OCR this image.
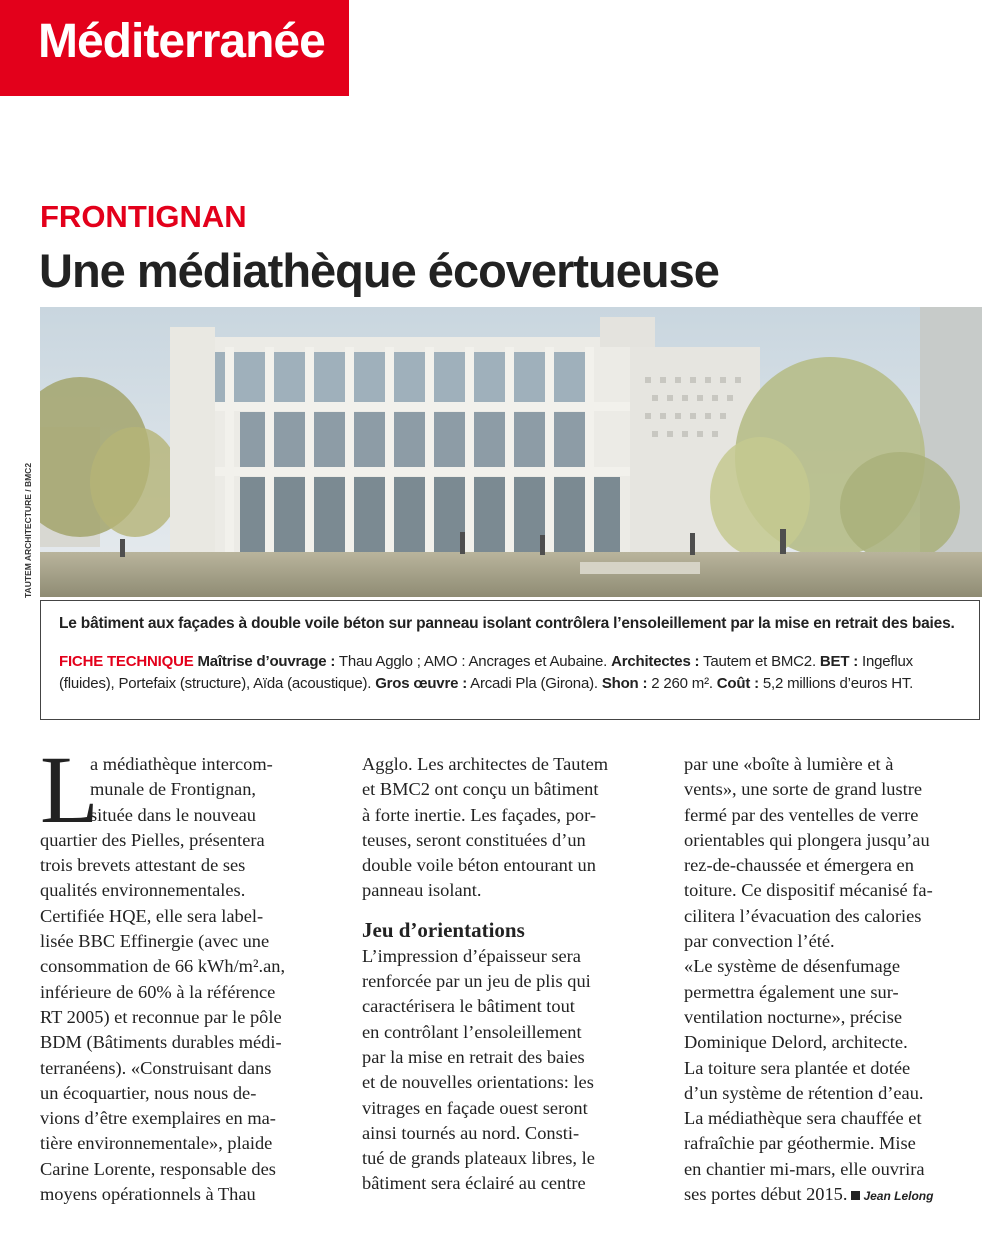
Méditerranée
FRONTIGNAN
Une médiathèque écovertueuse
TAUTEM ARCHITECTURE / BMC2
Le bâtiment aux façades à double voile béton sur panneau isolant contrôlera l’ensoleillement par la mise en retrait des baies.
FICHE TECHNIQUE Maîtrise d’ouvrage : Thau Agglo ; AMO : Ancrages et Aubaine. Architectes : Tautem et BMC2. BET : Ingeflux (fluides), Portefaix (structure), Aïda (acoustique). Gros œuvre : Arcadi Pla (Girona). Shon : 2 260 m². Coût : 5,2 millions d’euros HT.
L
a médiathèque intercom-
munale de Frontignan,
située dans le nouveau
quartier des Pielles, présentera
trois brevets attestant de ses
qualités environnementales.
Certifiée HQE, elle sera label-
lisée BBC Effinergie (avec une
consommation de 66 kWh/m².an,
inférieure de 60% à la référence
RT 2005) et reconnue par le pôle
BDM (Bâtiments durables médi-
terranéens). «Construisant dans
un écoquartier, nous nous de-
vions d’être exemplaires en ma-
tière environnementale», plaide
Carine Lorente, responsable des
moyens opérationnels à Thau
Agglo. Les architectes de Tautem
et BMC2 ont conçu un bâtiment
à forte inertie. Les façades, por-
teuses, seront constituées d’un
double voile béton entourant un
panneau isolant.
Jeu d’orientations
L’impression d’épaisseur sera
renforcée par un jeu de plis qui
caractérisera le bâtiment tout
en contrôlant l’ensoleillement
par la mise en retrait des baies
et de nouvelles orientations: les
vitrages en façade ouest seront
ainsi tournés au nord. Consti-
tué de grands plateaux libres, le
bâtiment sera éclairé au centre
par une «boîte à lumière et à
vents», une sorte de grand lustre
fermé par des ventelles de verre
orientables qui plongera jusqu’au
rez-de-chaussée et émergera en
toiture. Ce dispositif mécanisé fa-
cilitera l’évacuation des calories
par convection l’été.
«Le système de désenfumage
permettra également une sur-
ventilation nocturne», précise
Dominique Delord, architecte.
La toiture sera plantée et dotée
d’un système de rétention d’eau.
La médiathèque sera chauffée et
rafraîchie par géothermie. Mise
en chantier mi-mars, elle ouvrira
ses portes début 2015. Jean Lelong
